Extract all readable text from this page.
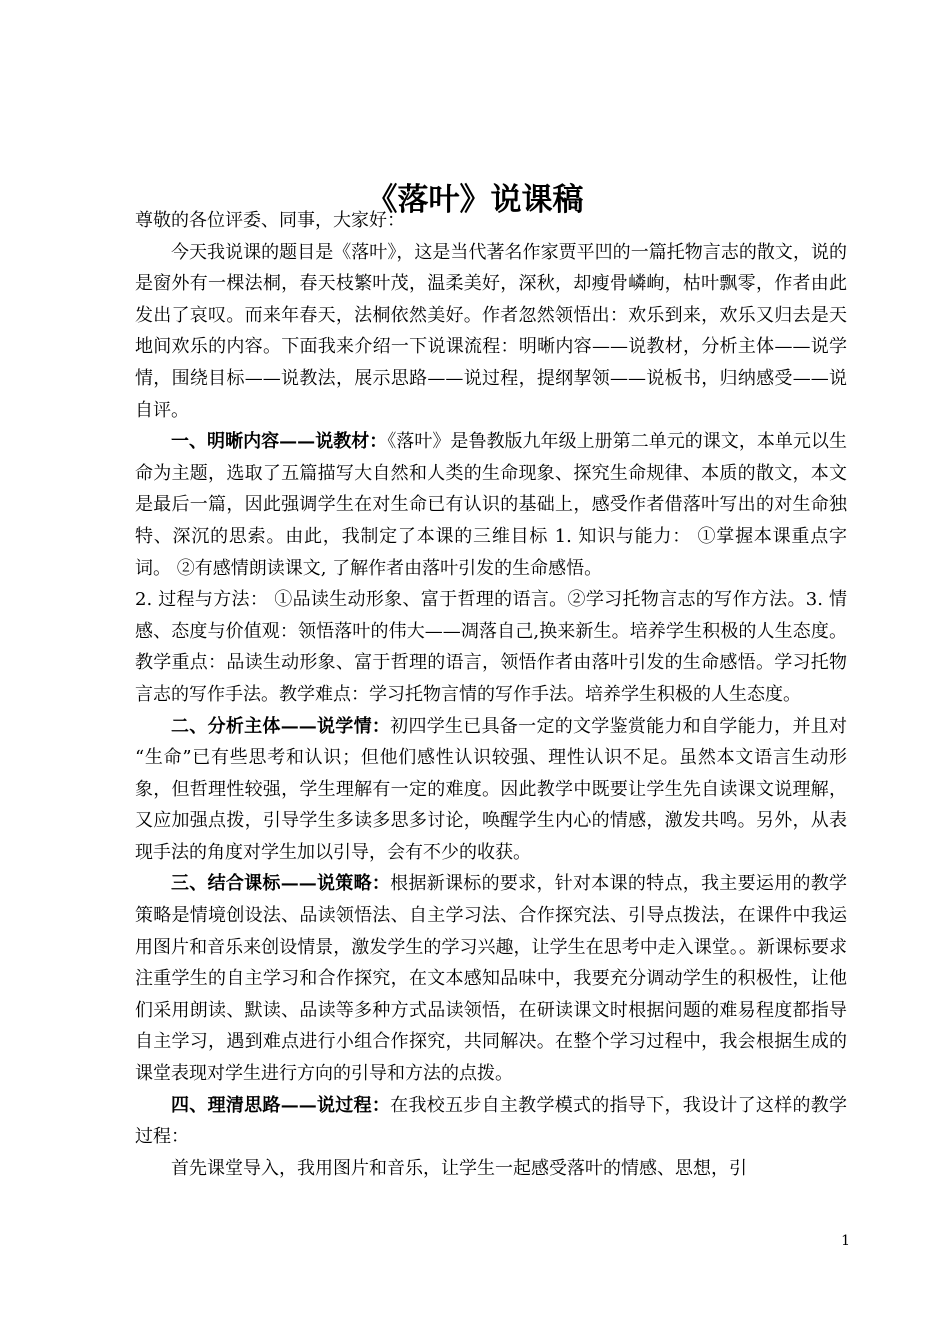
《落叶》说课稿

尊敬的各位评委、同事，大家好：

今天我说课的题目是《落叶》，这是当代著名作家贾平凹的一篇托物言志的散文，说的是窗外有一棵法桐，春天枝繁叶茂，温柔美好，深秋，却瘦骨嶙峋，枯叶飘零，作者由此发出了哀叹。而来年春天，法桐依然美好。作者忽然领悟出：欢乐到来，欢乐又归去是天地间欢乐的内容。下面我来介绍一下说课流程：明晰内容——说教材，分析主体——说学情，围绕目标——说教法，展示思路——说过程，提纲挈领——说板书，归纳感受——说自评。

一、明晰内容——说教材：《落叶》是鲁教版九年级上册第二单元的课文，本单元以生命为主题，选取了五篇描写大自然和人类的生命现象、探究生命规律、本质的散文，本文是最后一篇，因此强调学生在对生命已有认识的基础上，感受作者借落叶写出的对生命独特、深沉的思索。由此，我制定了本课的三维目标 1. 知识与能力： ①掌握本课重点字词。 ②有感情朗读课文, 了解作者由落叶引发的生命感悟。

2. 过程与方法： ①品读生动形象、富于哲理的语言。②学习托物言志的写作方法。3. 情感、态度与价值观：领悟落叶的伟大——凋落自己,换来新生。培养学生积极的人生态度。教学重点：品读生动形象、富于哲理的语言，领悟作者由落叶引发的生命感悟。学习托物言志的写作手法。教学难点：学习托物言情的写作手法。培养学生积极的人生态度。

二、分析主体——说学情：初四学生已具备一定的文学鉴赏能力和自学能力，并且对 “生命”已有些思考和认识；但他们感性认识较强、理性认识不足。虽然本文语言生动形象，但哲理性较强，学生理解有一定的难度。因此教学中既要让学生先自读课文说理解，又应加强点拨，引导学生多读多思多讨论，唤醒学生内心的情感，激发共鸣。另外，从表现手法的角度对学生加以引导，会有不少的收获。

三、结合课标——说策略：根据新课标的要求，针对本课的特点，我主要运用的教学策略是情境创设法、品读领悟法、自主学习法、合作探究法、引导点拨法，在课件中我运用图片和音乐来创设情景，激发学生的学习兴趣，让学生在思考中走入课堂。。新课标要求注重学生的自主学习和合作探究，在文本感知品味中，我要充分调动学生的积极性，让他们采用朗读、默读、品读等多种方式品读领悟，在研读课文时根据问题的难易程度都指导自主学习，遇到难点进行小组合作探究，共同解决。在整个学习过程中，我会根据生成的课堂表现对学生进行方向的引导和方法的点拨。

四、理清思路——说过程：在我校五步自主教学模式的指导下，我设计了这样的教学过程：

首先课堂导入，我用图片和音乐，让学生一起感受落叶的情感、思想，引

1
